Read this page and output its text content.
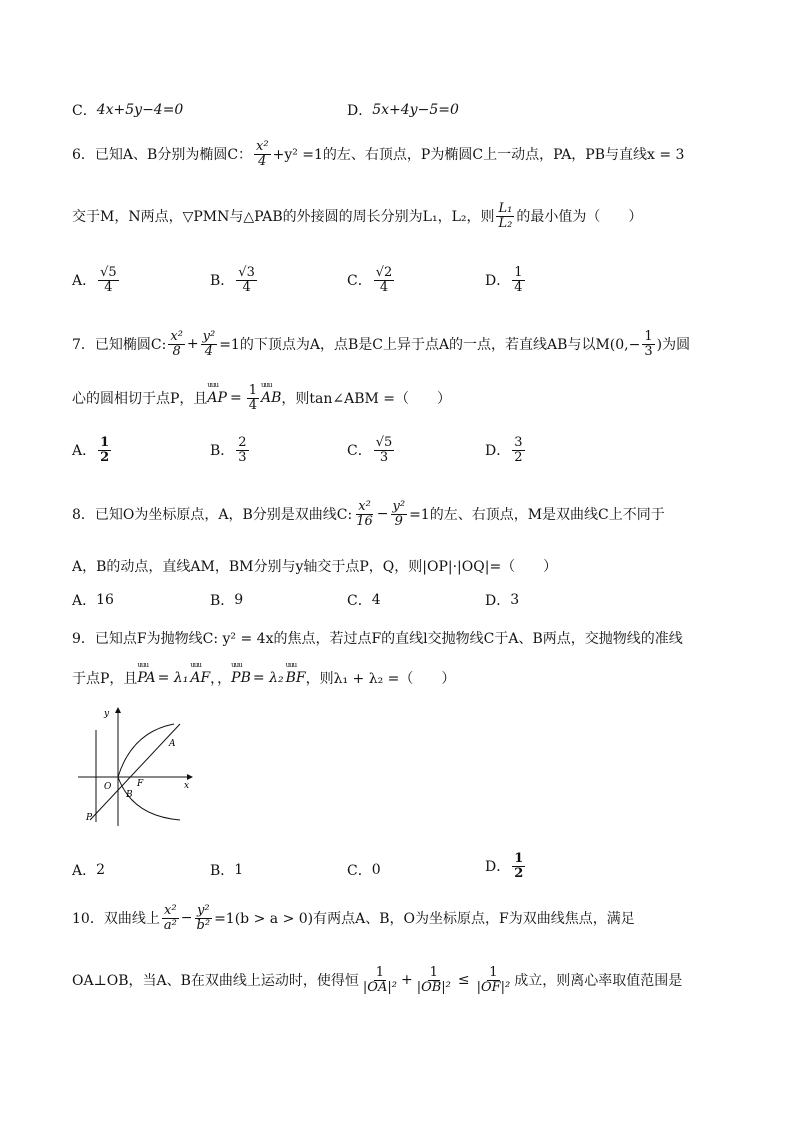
C． 4x+5y−4=0	D． 5x+4y−5=0
6． 已知A、B分别为椭圆C： $\frac{\text{x²}}{4} +y^2 =1$的左、右顶点，P为椭圆C上一动点，PA，PB与直线x = 3
交于M，N两点，▽PMN与△PAB的外接圆的周长分别为L₁，L₂，则 $\frac{\text{L₁}}{\text{L₂}}$ 的最小值为（　　）
A． $\frac{√5}{4}$	B． $\frac{√3}{4}$	C． $\frac{√2}{4}$	D． $\frac{1}{4}$
7． 已知椭圆C: $\frac{\text{x²}}{8} + \frac{\text{y²}}{4} =1$的下顶点为A，点B是C上异于点A的一点，若直线AB与以$M(0,- \frac{1}{3}$ )为圆
心的圆相切于点P，且 uuu AP = $\frac{1}{4}$ uuu AB ，则tan∠ABM =（　　）
A． $\frac{1}{2}$	B． $\frac{2}{3}$	C． $\frac{√5}{3}$	D． $\frac{3}{2}$
8． 已知O为坐标原点，A，B分别是双曲线C: $\frac{\text{x²}}{16} - \frac{\text{y²}}{9} =1$的左、右顶点，M是双曲线C上不同于
A，B的动点，直线AM，BM分别与y轴交于点P，Q，则|OP|·|OQ|=（　　）
A． 16	B． 9	C． 4	D． 3
9． 已知点F为抛物线C: y² = 4x的焦点，若过点F的直线l交抛物线C于A、B两点，交抛物线的准线
于点P，且 uuu PA = λ₁ uuu AF ，， uuu PB = λ₂ uuu BF ，则λ₁ + λ₂ =（　　）
y
x
O	F
A
B
P
A． 2	B． 1	C． 0	D． $\frac{1}{2}$
10． 双曲线上 $\frac{\text{x²}}{\text{a²}} - \frac{\text{y²}}{\text{b²}} =1(b > a > 0)$有两点A、B，O为坐标原点，F为双曲线焦点，满足
OA⊥OB，当A、B在双曲线上运动时，使得恒 $\frac{1}{\text{|OA|²}} + \frac{1}{\text{|OB|²}} \le \frac{1}{\text{|OF|²}}$ 成立，则离心率取值范围是
